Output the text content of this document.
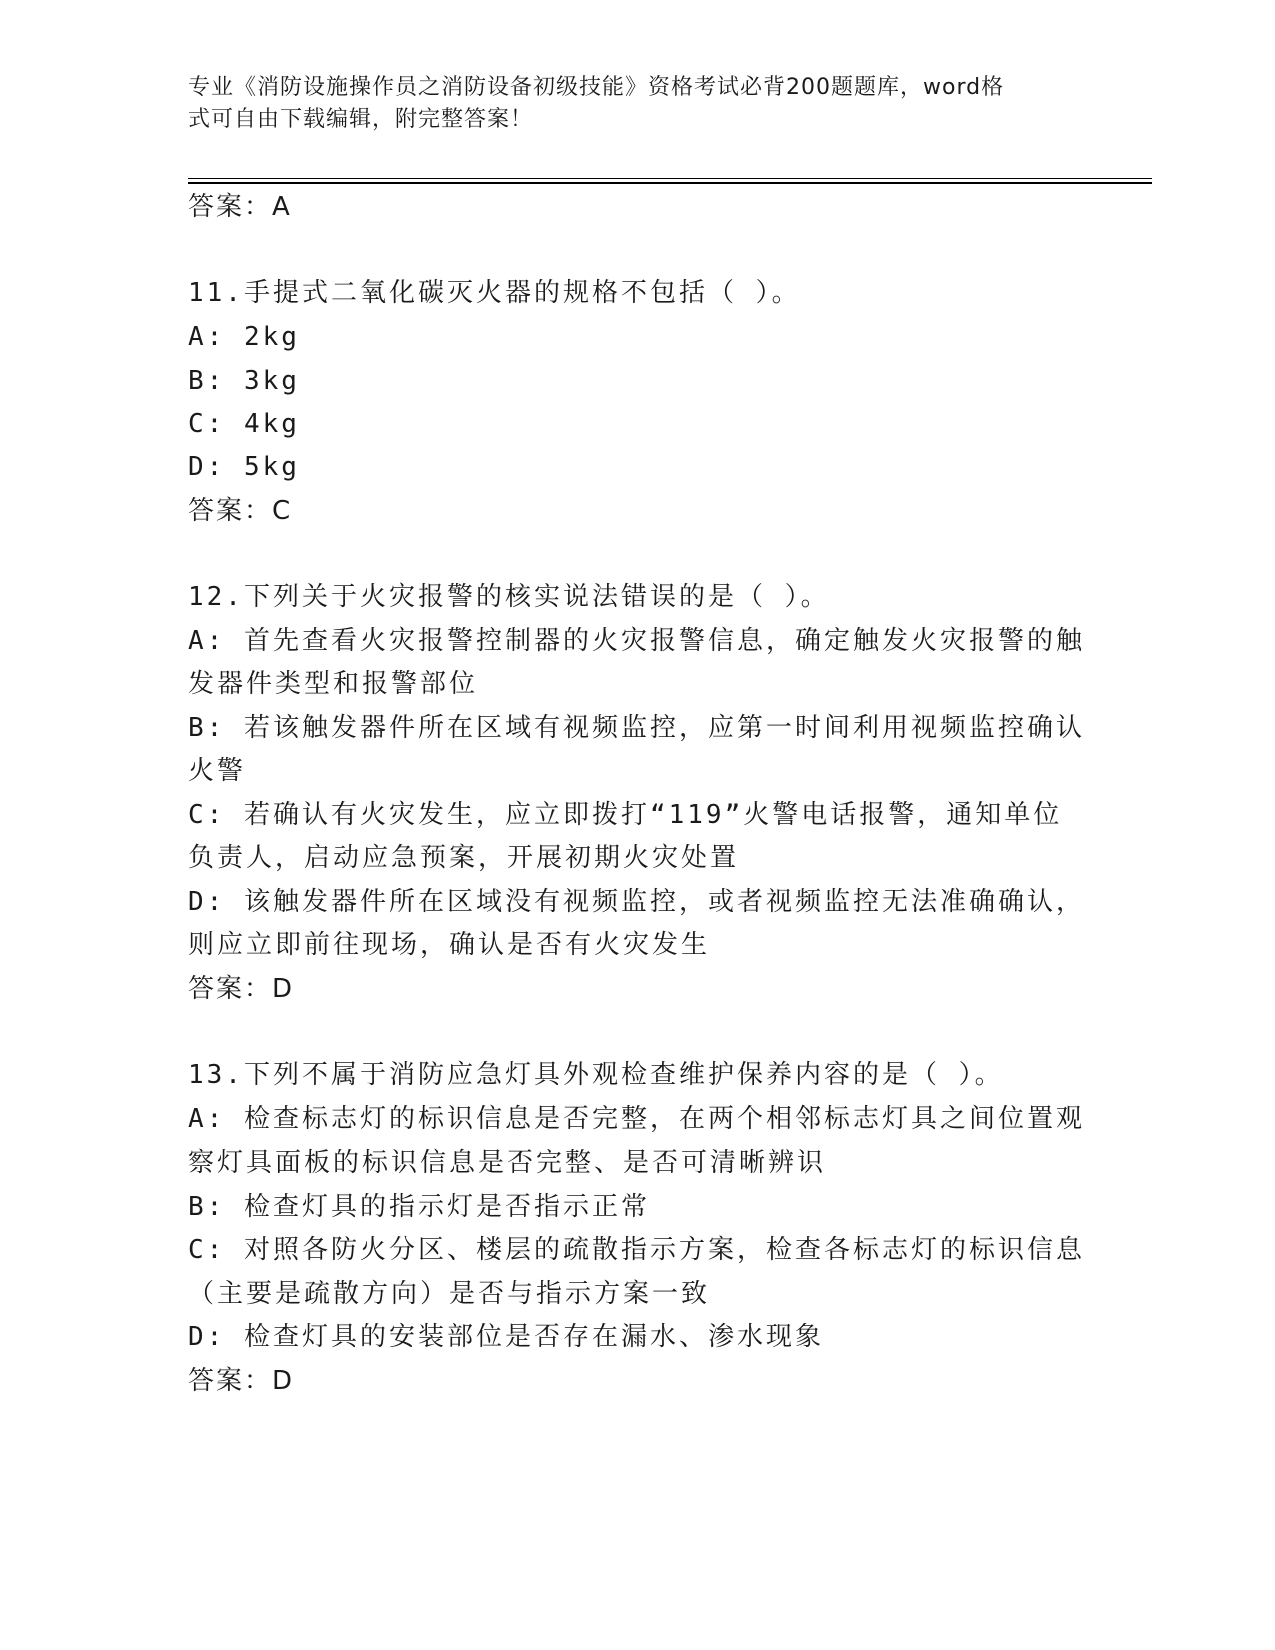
专业《消防设施操作员之消防设备初级技能》资格考试必背200题题库，word格
式可自由下载编辑，附完整答案！
答案：A
11.手提式二氧化碳灭火器的规格不包括（ ）。
A: 2kg
B: 3kg
C: 4kg
D: 5kg
答案：C
12.下列关于火灾报警的核实说法错误的是（ ）。
A: 首先查看火灾报警控制器的火灾报警信息，确定触发火灾报警的触
发器件类型和报警部位
B: 若该触发器件所在区域有视频监控，应第一时间利用视频监控确认
火警
C: 若确认有火灾发生，应立即拨打“119”火警电话报警，通知单位
负责人，启动应急预案，开展初期火灾处置
D: 该触发器件所在区域没有视频监控，或者视频监控无法准确确认，
则应立即前往现场，确认是否有火灾发生
答案：D
13.下列不属于消防应急灯具外观检查维护保养内容的是（ ）。
A: 检查标志灯的标识信息是否完整，在两个相邻标志灯具之间位置观
察灯具面板的标识信息是否完整、是否可清晰辨识
B: 检查灯具的指示灯是否指示正常
C: 对照各防火分区、楼层的疏散指示方案，检查各标志灯的标识信息
（主要是疏散方向）是否与指示方案一致
D: 检查灯具的安装部位是否存在漏水、渗水现象
答案：D
